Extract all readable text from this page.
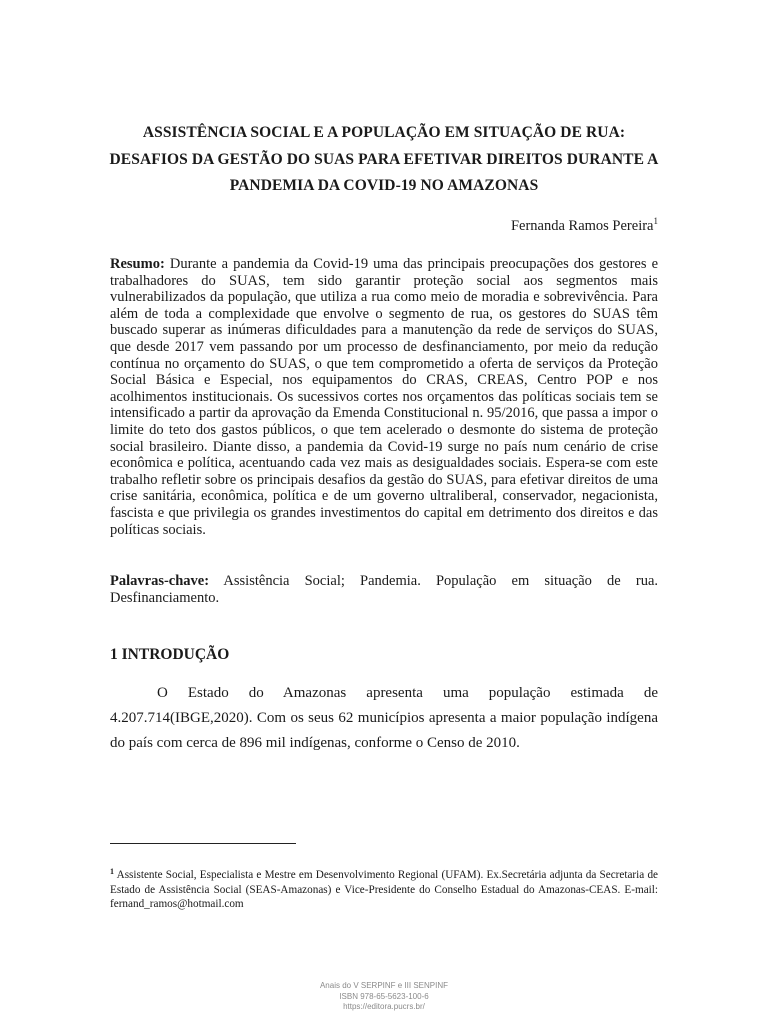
ASSISTÊNCIA SOCIAL E A POPULAÇÃO EM SITUAÇÃO DE RUA:
DESAFIOS DA GESTÃO DO SUAS PARA EFETIVAR DIREITOS DURANTE A
PANDEMIA DA COVID-19 NO AMAZONAS
Fernanda Ramos Pereira$^1$
Resumo: Durante a pandemia da Covid-19 uma das principais preocupações dos gestores e trabalhadores do SUAS, tem sido garantir proteção social aos segmentos mais vulnerabilizados da população, que utiliza a rua como meio de moradia e sobrevivência. Para além de toda a complexidade que envolve o segmento de rua, os gestores do SUAS têm buscado superar as inúmeras dificuldades para a manutenção da rede de serviços do SUAS, que desde 2017 vem passando por um processo de desfinanciamento, por meio da redução contínua no orçamento do SUAS, o que tem comprometido a oferta de serviços da Proteção Social Básica e Especial, nos equipamentos do CRAS, CREAS, Centro POP e nos acolhimentos institucionais. Os sucessivos cortes nos orçamentos das políticas sociais tem se intensificado a partir da aprovação da Emenda Constitucional n. 95/2016, que passa a impor o limite do teto dos gastos públicos, o que tem acelerado o desmonte do sistema de proteção social brasileiro. Diante disso, a pandemia da Covid-19 surge no país num cenário de crise econômica e política, acentuando cada vez mais as desigualdades sociais. Espera-se com este trabalho refletir sobre os principais desafios da gestão do SUAS, para efetivar direitos de uma crise sanitária, econômica, política e de um governo ultraliberal, conservador, negacionista, fascista e que privilegia os grandes investimentos do capital em detrimento dos direitos e das políticas sociais.
Palavras-chave: Assistência Social; Pandemia. População em situação de rua. Desfinanciamento.
1 INTRODUÇÃO
O Estado do Amazonas apresenta uma população estimada de 4.207.714(IBGE,2020). Com os seus 62 municípios apresenta a maior população indígena do país com cerca de 896 mil indígenas, conforme o Censo de 2010.
$^1$ Assistente Social, Especialista e Mestre em Desenvolvimento Regional (UFAM). Ex.Secretária adjunta da Secretaria de Estado de Assistência Social (SEAS-Amazonas) e Vice-Presidente do Conselho Estadual do Amazonas-CEAS. E-mail: fernand_ramos@hotmail.com
Anais do V SERPINF e III SENPINF
ISBN 978-65-5623-100-6
https://editora.pucrs.br/
